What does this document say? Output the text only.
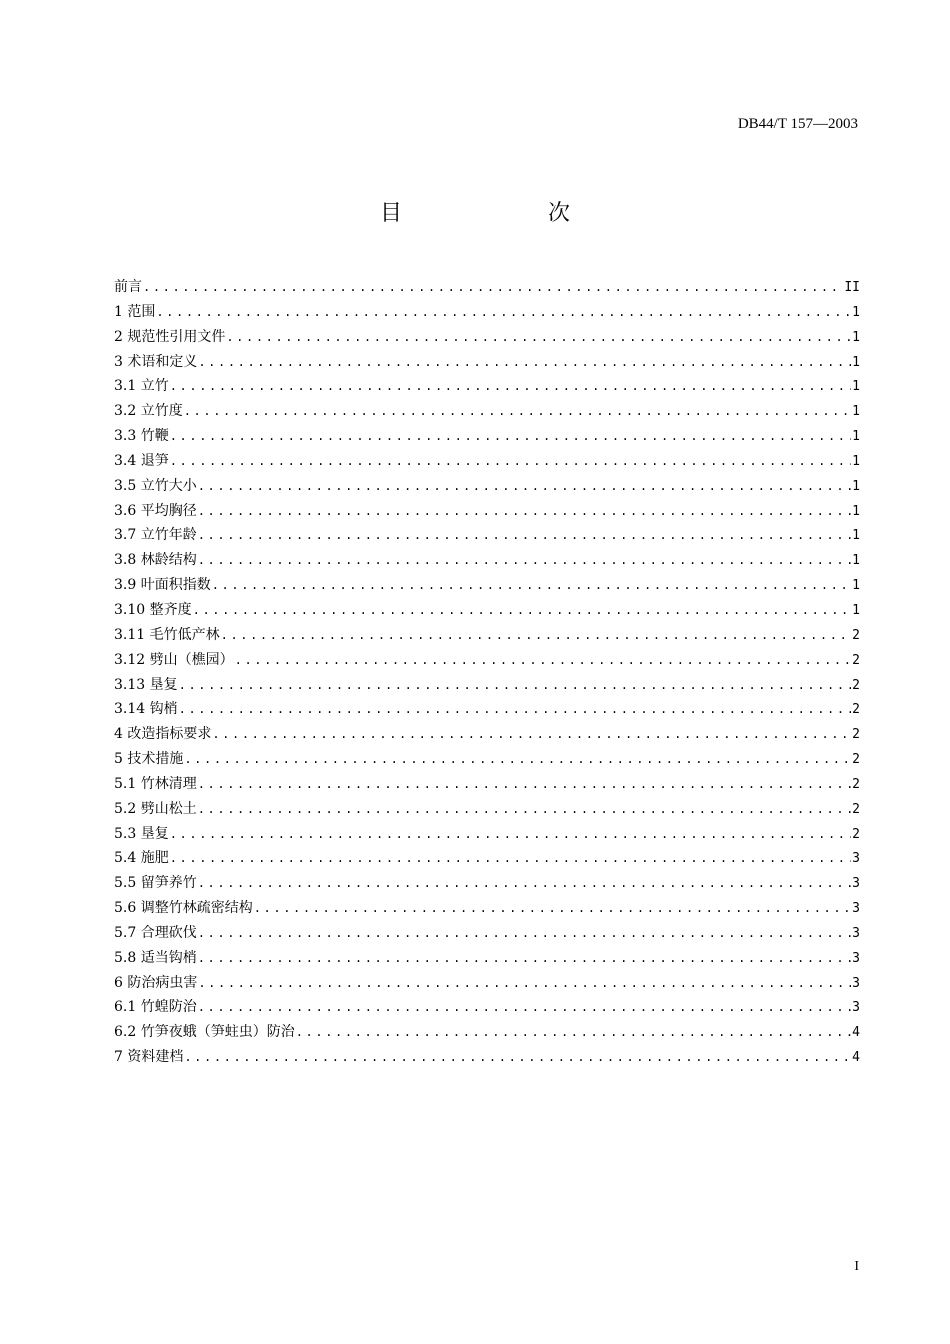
DB44/T 157—2003
目　次
前言 .....	II
1 范围 .....	1
2 规范性引用文件 .....	1
3 术语和定义 .....	1
3.1 立竹 .....	1
3.2 立竹度 .....	1
3.3 竹鞭 .....	1
3.4 退笋 .....	1
3.5 立竹大小 .....	1
3.6 平均胸径 .....	1
3.7 立竹年龄 .....	1
3.8 林龄结构 .....	1
3.9 叶面积指数 .....	1
3.10 整齐度 .....	1
3.11 毛竹低产林 .....	2
3.12 劈山（樵园） .....	2
3.13 垦复 .....	2
3.14 钩梢 .....	2
4 改造指标要求 .....	2
5 技术措施 .....	2
5.1 竹林清理 .....	2
5.2 劈山松土 .....	2
5.3 垦复 .....	2
5.4 施肥 .....	3
5.5 留笋养竹 .....	3
5.6 调整竹林疏密结构 .....	3
5.7 合理砍伐 .....	3
5.8 适当钩梢 .....	3
6 防治病虫害 .....	3
6.1 竹蝗防治 .....	3
6.2 竹笋夜蛾（笋蛀虫）防治 .....	4
7 资料建档 .....	4
I
